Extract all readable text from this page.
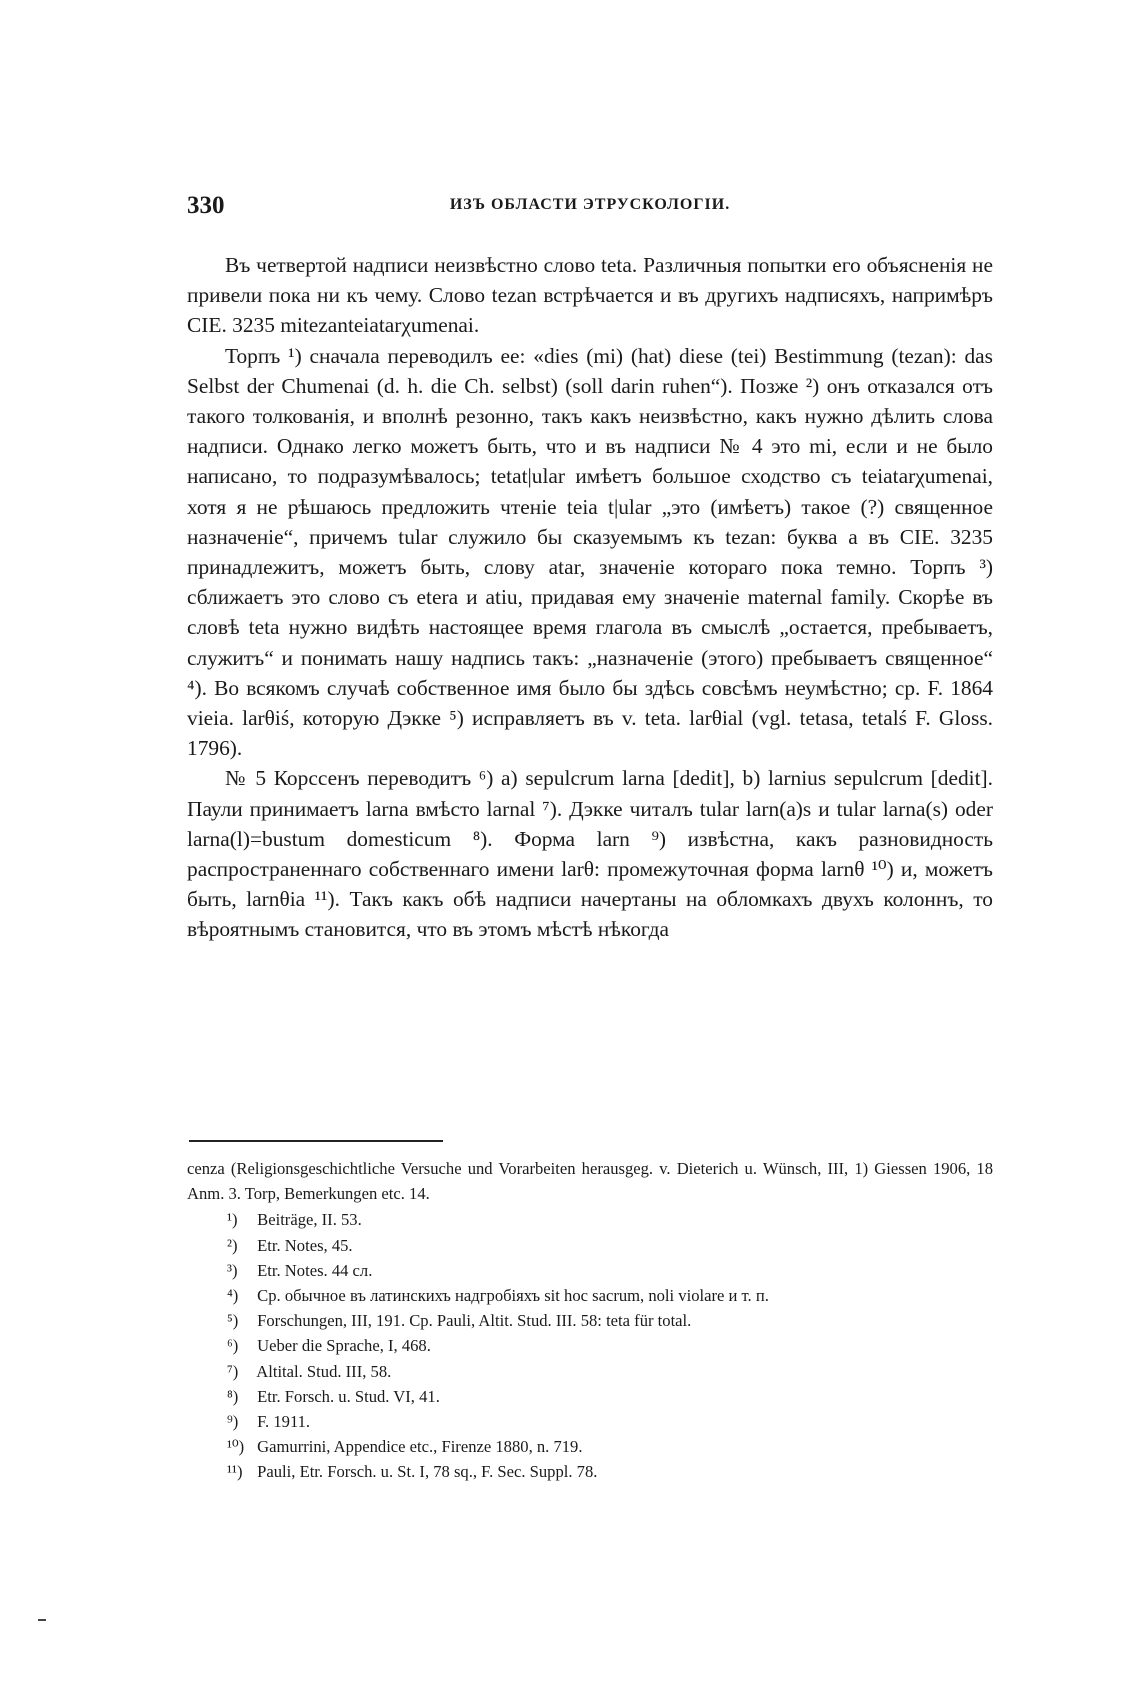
330	ИЗЪ ОБЛАСТИ ЭТРУСКОЛОГІИ.

Въ четвертой надписи неизвѣстно слово teta. Различныя попытки его объясненія не привели пока ни къ чему. Слово tezan встрѣчается и въ другихъ надписяхъ, напримѣръ CIE. 3235 mitezanteiatarχumenai.

Торпъ ¹) сначала переводилъ ее: «dies (mi) (hat) diese (tei) Bestimmung (tezan): das Selbst der Chumenai (d. h. die Ch. selbst) (soll darin ruhen“). Позже ²) онъ отказался отъ такого толкованія, и вполнѣ резонно, такъ какъ неизвѣстно, какъ нужно дѣлить слова надписи. Однако легко можетъ быть, что и въ надписи № 4 это mi, если и не было написано, то подразумѣвалось; tetat|ular имѣетъ большое сходство съ teiatarχumenai, хотя я не рѣшаюсь предложить чтеніе teia t|ular „это (имѣетъ) такое (?) священное назначеніе“, причемъ tular служило бы сказуемымъ къ tezan: буква a въ CIE. 3235 принадлежитъ, можетъ быть, слову atar, значеніе котораго пока темно. Торпъ ³) сближаетъ это слово съ etera и atiu, придавая ему значеніе maternal family. Скорѣе въ словѣ teta нужно видѣть настоящее время глагола въ смыслѣ „остается, пребываетъ, служитъ“ и понимать нашу надпись такъ: „назначеніе (этого) пребываетъ священное“ ⁴). Во всякомъ случаѣ собственное имя было бы здѣсь совсѣмъ неумѣстно; ср. F. 1864 vieia. larθiś, которую Дэкке ⁵) исправляетъ въ v. teta. larθial (vgl. tetasa, tetalś F. Gloss. 1796).

№ 5 Корссенъ переводитъ ⁶) a) sepulcrum larna [dedit], b) larnius sepulcrum [dedit]. Паули принимаетъ larna вмѣсто larnal ⁷). Дэкке читалъ tular larn(a)s и tular larna(s) oder larna(l)=bustum domesticum ⁸). Форма larn ⁹) извѣстна, какъ разновидность распространеннаго собственнаго имени larθ: промежуточная форма larnθ ¹⁰) и, можетъ быть, larnθia ¹¹). Такъ какъ обѣ надписи начертаны на обломкахъ двухъ колоннъ, то вѣроятнымъ становится, что въ этомъ мѣстѣ нѣкогда

cenza (Religionsgeschichtliche Versuche und Vorarbeiten herausgeg. v. Dieterich u. Wünsch, III, 1) Giessen 1906, 18 Anm. 3. Torp, Bemerkungen etc. 14.

¹) Beiträge, II. 53.

²) Etr. Notes, 45.

³) Etr. Notes. 44 сл.

⁴) Ср. обычное въ латинскихъ надгробіяхъ sit hoc sacrum, noli violare и т. п.

⁵) Forschungen, III, 191. Ср. Pauli, Altit. Stud. III. 58: teta für total.

⁶) Ueber die Sprache, I, 468.

⁷) Altital. Stud. III, 58.

⁸) Etr. Forsch. u. Stud. VI, 41.

⁹) F. 1911.

¹⁰) Gamurrini, Appendice etc., Firenze 1880, n. 719.

¹¹) Pauli, Etr. Forsch. u. St. I, 78 sq., F. Sec. Suppl. 78.
